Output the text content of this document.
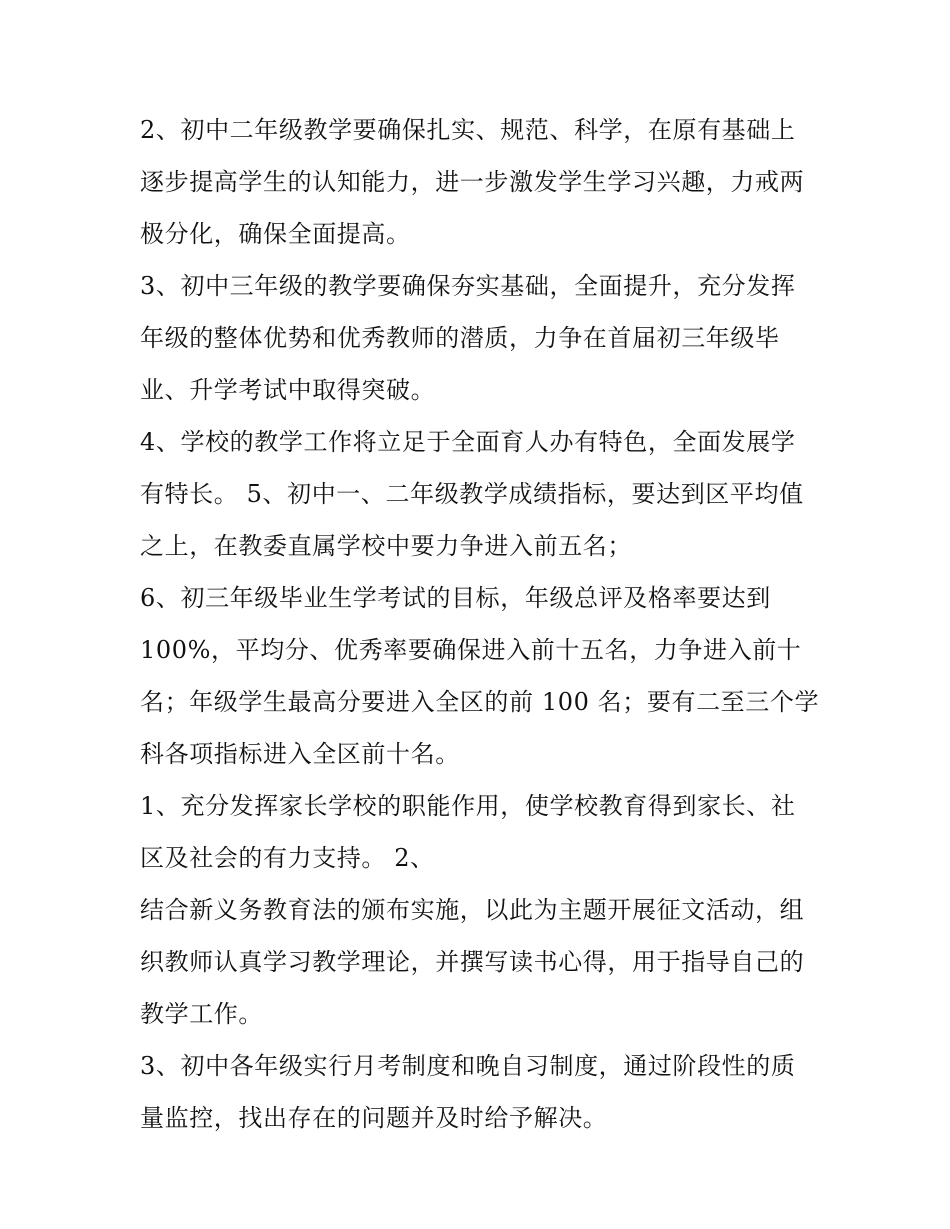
2、初中二年级教学要确保扎实、规范、科学，在原有基础上
逐步提高学生的认知能力，进一步激发学生学习兴趣，力戒两
极分化，确保全面提高。
3、初中三年级的教学要确保夯实基础，全面提升，充分发挥
年级的整体优势和优秀教师的潜质，力争在首届初三年级毕
业、升学考试中取得突破。
4、学校的教学工作将立足于全面育人办有特色，全面发展学
有特长。 5、初中一、二年级教学成绩指标，要达到区平均值
之上，在教委直属学校中要力争进入前五名；
6、初三年级毕业生学考试的目标，年级总评及格率要达到
100%，平均分、优秀率要确保进入前十五名，力争进入前十
名；年级学生最高分要进入全区的前 100 名；要有二至三个学
科各项指标进入全区前十名。
1、充分发挥家长学校的职能作用，使学校教育得到家长、社
区及社会的有力支持。 2、
结合新义务教育法的颁布实施，以此为主题开展征文活动，组
织教师认真学习教学理论，并撰写读书心得，用于指导自己的
教学工作。
3、初中各年级实行月考制度和晚自习制度，通过阶段性的质
量监控，找出存在的问题并及时给予解决。
